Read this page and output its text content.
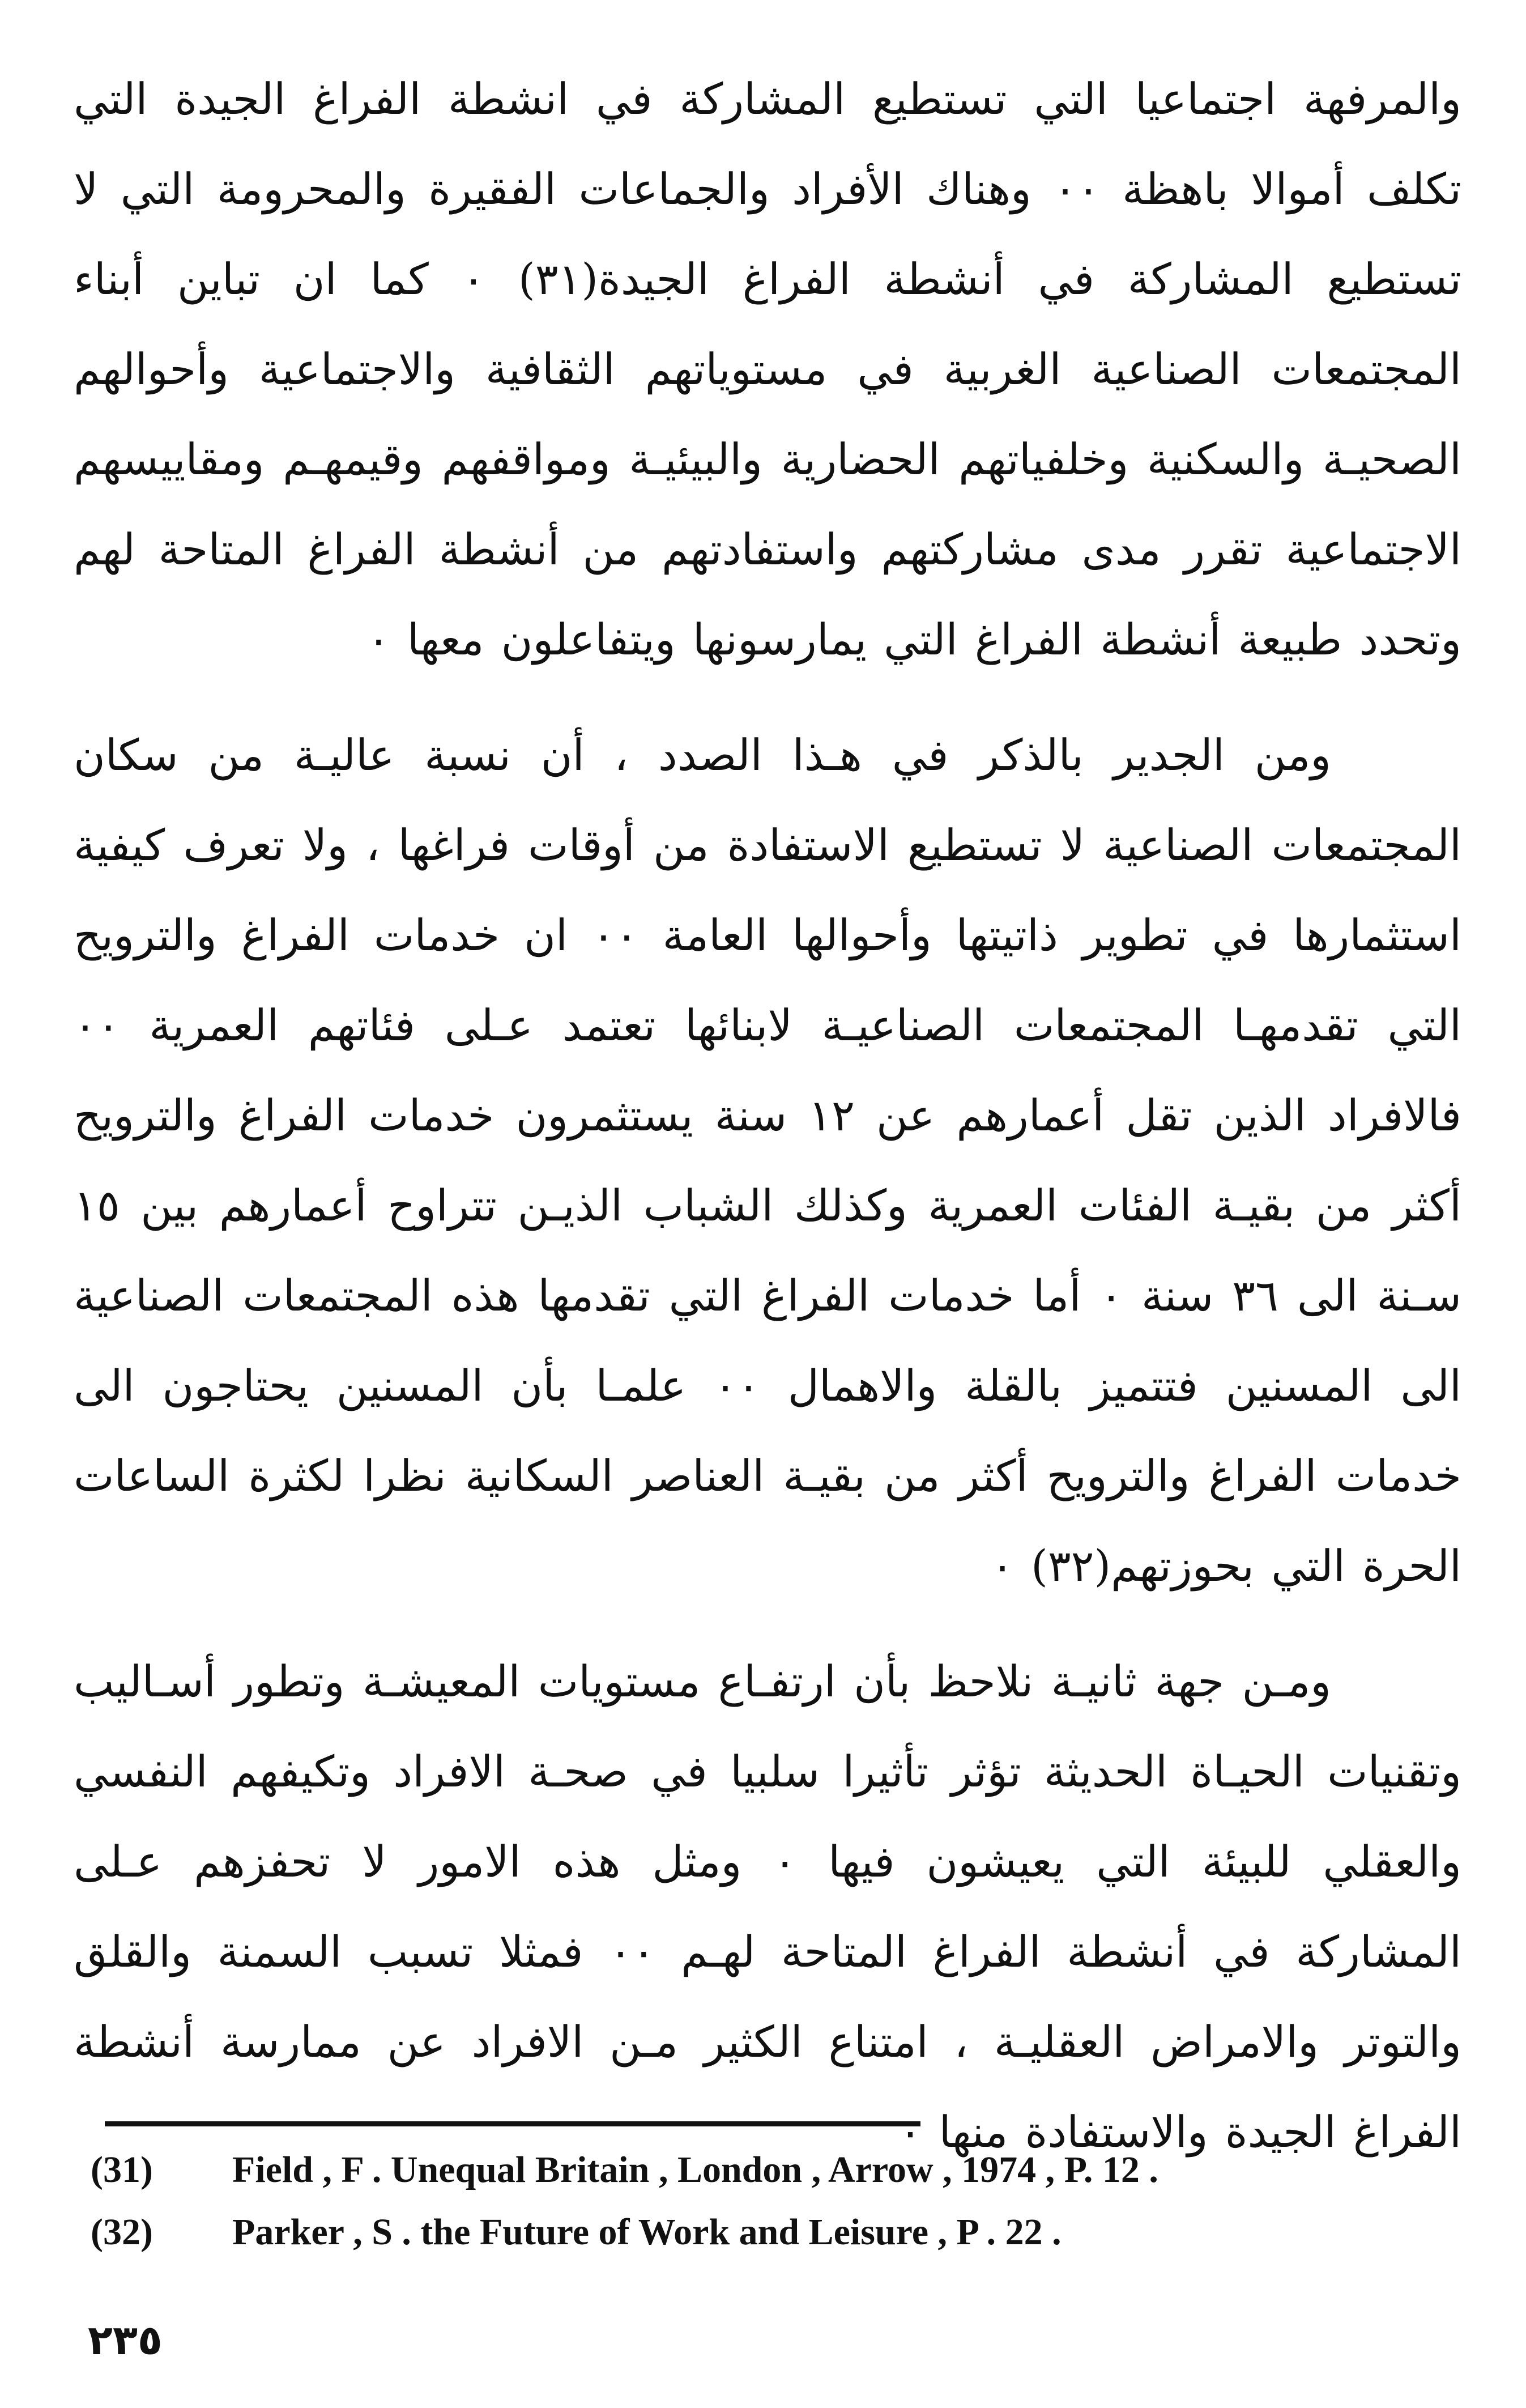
والمرفهة اجتماعيا التي تستطيع المشاركة في انشطة الفراغ الجيدة التي تكلف أموالا باهظة ٠٠ وهناك الأفراد والجماعات الفقيرة والمحرومة التي لا تستطيع المشاركة في أنشطة الفراغ الجيدة(٣١) ٠ كما ان تباين أبناء المجتمعات الصناعية الغربية في مستوياتهم الثقافية والاجتماعية وأحوالهم الصحيـة والسكنية وخلفياتهم الحضارية والبيئيـة ومواقفهم وقيمهـم ومقاييسهم الاجتماعية تقرر مدى مشاركتهم واستفادتهم من أنشطة الفراغ المتاحة لهم وتحدد طبيعة أنشطة الفراغ التي يمارسونها ويتفاعلون معها ٠

ومن الجدير بالذكر في هـذا الصدد ، أن نسبة عاليـة من سكان المجتمعات الصناعية لا تستطيع الاستفادة من أوقات فراغها ، ولا تعرف كيفية استثمارها في تطوير ذاتيتها وأحوالها العامة ٠٠ ان خدمات الفراغ والترويح التي تقدمهـا المجتمعات الصناعيـة لابنائها تعتمد عـلى فئاتهم العمرية ٠٠ فالافراد الذين تقل أعمارهم عن ١٢ سنة يستثمرون خدمات الفراغ والترويح أكثر من بقيـة الفئات العمرية وكذلك الشباب الذيـن تتراوح أعمارهم بين ١٥ سـنة الى ٣٦ سنة ٠ أما خدمات الفراغ التي تقدمها هذه المجتمعات الصناعية الى المسنين فتتميز بالقلة والاهمال ٠٠ علمـا بأن المسنين يحتاجون الى خدمات الفراغ والترويح أكثر من بقيـة العناصر السكانية نظرا لكثرة الساعات الحرة التي بحوزتهم(٣٢) ٠

ومـن جهة ثانيـة نلاحظ بأن ارتفـاع مستويات المعيشـة وتطور أسـاليب وتقنيات الحيـاة الحديثة تؤثر تأثيرا سلبيا في صحـة الافراد وتكيفهم النفسي والعقلي للبيئة التي يعيشون فيها ٠ ومثل هذه الامور لا تحفزهم عـلى المشاركة في أنشطة الفراغ المتاحة لهـم ٠٠ فمثلا تسبب السمنة والقلق والتوتر والامراض العقليـة ، امتناع الكثير مـن الافراد عن ممارسة أنشطة الفراغ الجيدة والاستفادة منها ٠

(31)	Field , F . Unequal Britain , London , Arrow , 1974 , P. 12 .
(32)	Parker , S . the Future of Work and Leisure , P . 22 .
٢٣٥
